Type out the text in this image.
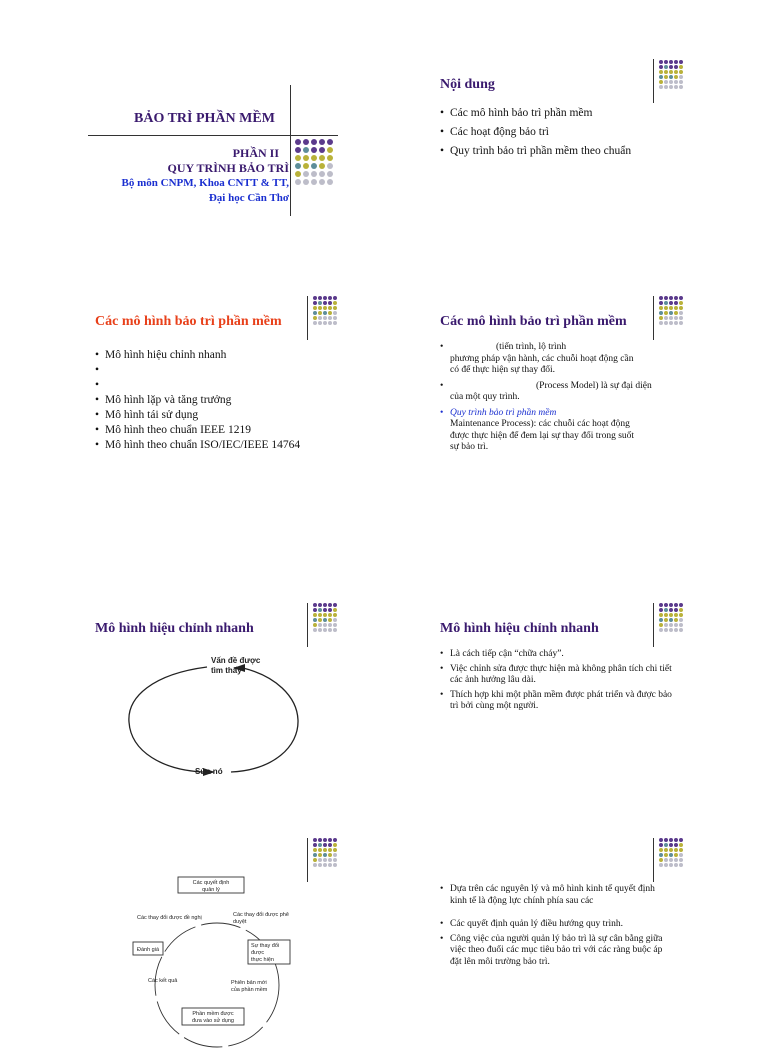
BẢO TRÌ PHẦN MỀM
PHẦN II
QUY TRÌNH BẢO TRÌ
Bộ môn CNPM, Khoa CNTT & TT,
Đại học Cần Thơ
Nội dung
• Các mô hình bảo trì phần mềm
• Các hoạt động bảo trì
• Quy trình bảo trì phần mềm theo chuẩn
Các mô hình bảo trì phần mềm
• Mô hình hiệu chỉnh nhanh
•
•
• Mô hình lặp và tăng trưởng
• Mô hình tái sử dụng
• Mô hình theo chuẩn IEEE 1219
• Mô hình theo chuẩn ISO/IEC/IEEE 14764
Các mô hình bảo trì phần mềm
•	(tiến trình, lộ trình
phương pháp vận hành, các chuỗi hoạt động cần
có để thực hiện sự thay đổi.
•	(Process Model) là sự đại diện
của một quy trình.
• Quy trình bảo trì phần mềm
Maintenance Process): các chuỗi các hoạt động
được thực hiện để đem lại sự thay đổi trong suốt
sự bảo trì.
Mô hình hiệu chỉnh nhanh
Vấn đề được
tìm thấy
Sửa nó
Mô hình hiệu chỉnh nhanh
• Là cách tiếp cận “chữa cháy”.
• Việc chỉnh sửa được thực hiện mà không phân tích chi tiết các ảnh hưởng lâu dài.
• Thích hợp khi một phần mềm được phát triển và được bảo trì bởi cùng một người.
Các quyết định
quản lý
Các thay đổi được đề nghị	Các thay đổi được phê
duyệt
Đánh giá
Sự thay đổi
được
thực hiện
Các kết quả	Phiên bản mới
của phần mềm
Phần mềm được
đưa vào sử dụng
• Dựa trên các nguyên lý và mô hình kinh tế quyết định kinh tế là động lực chính phía sau các
• Các quyết định quản lý điều hướng quy trình.
• Công việc của người quản lý bảo trì là sự cân bằng giữa việc theo đuổi các mục tiêu bảo trì với các ràng buộc áp đặt lên môi trường bảo trì.
